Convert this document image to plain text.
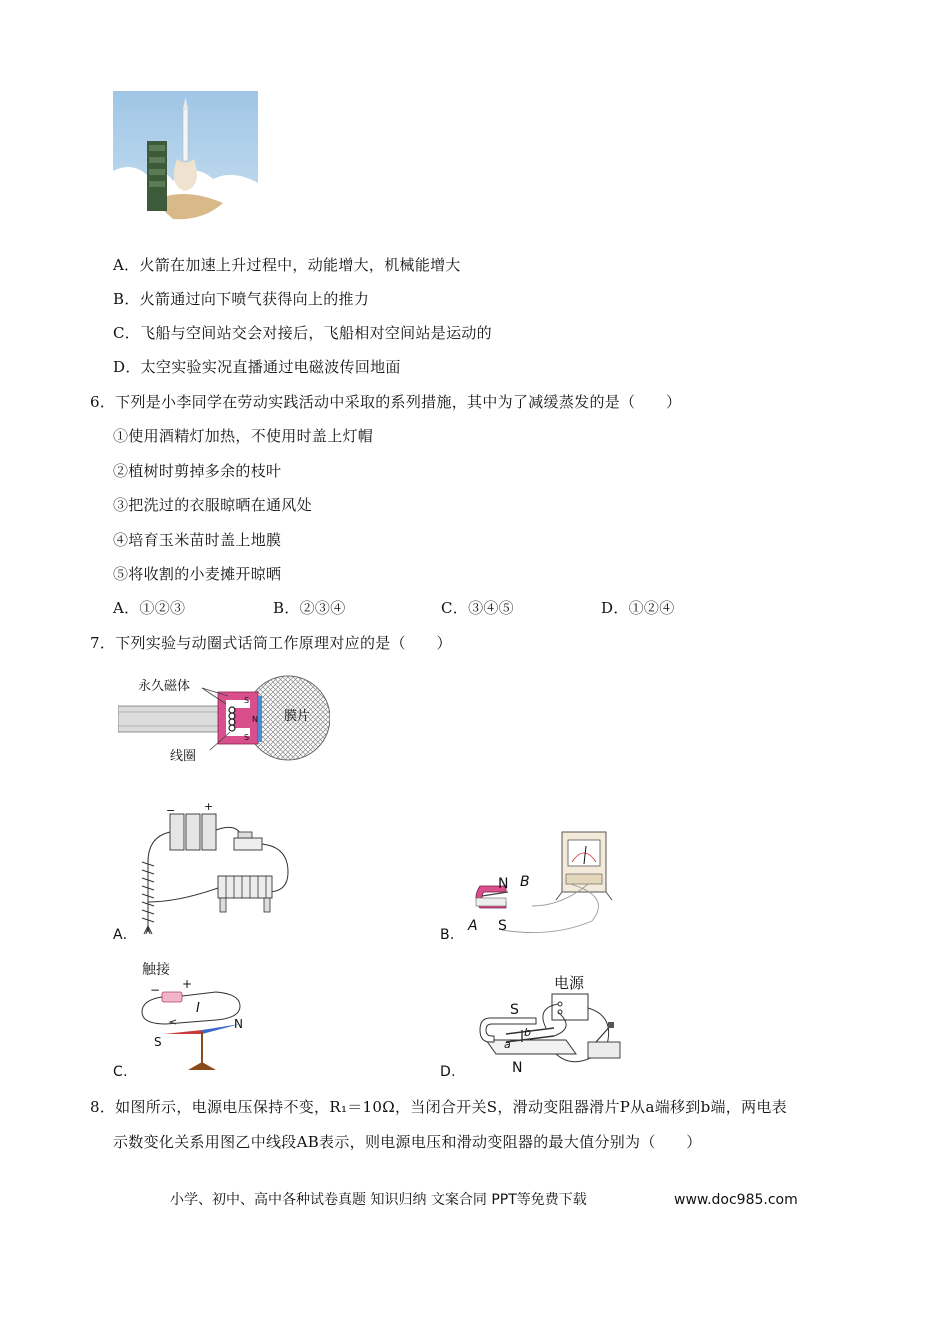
A．火箭在加速上升过程中，动能增大，机械能增大
B．火箭通过向下喷气获得向上的推力
C．飞船与空间站交会对接后，飞船相对空间站是运动的
D．太空实验实况直播通过电磁波传回地面
6．下列是小李同学在劳动实践活动中采取的系列措施，其中为了减缓蒸发的是（　　）
①使用酒精灯加热，不使用时盖上灯帽
②植树时剪掉多余的枝叶
③把洗过的衣服晾晒在通风处
④培育玉米苗时盖上地膜
⑤将收割的小麦摊开晾晒
A．①②③	B．②③④	C．③④⑤	D．①②④
7．下列实验与动圈式话筒工作原理对应的是（　　）
S
S
N
永久磁体
膜片
线圈
−	+
A.
N B
A S
B.
触接
− +
I
S
N
C.
电源
S
N
a
b
D.
8．如图所示，电源电压保持不变，R₁＝10Ω，当闭合开关S，滑动变阻器滑片P从a端移到b端，两电表
示数变化关系用图乙中线段AB表示，则电源电压和滑动变阻器的最大值分别为（　　）
小学、初中、高中各种试卷真题 知识归纳 文案合同 PPT等免费下载	www.doc985.com
